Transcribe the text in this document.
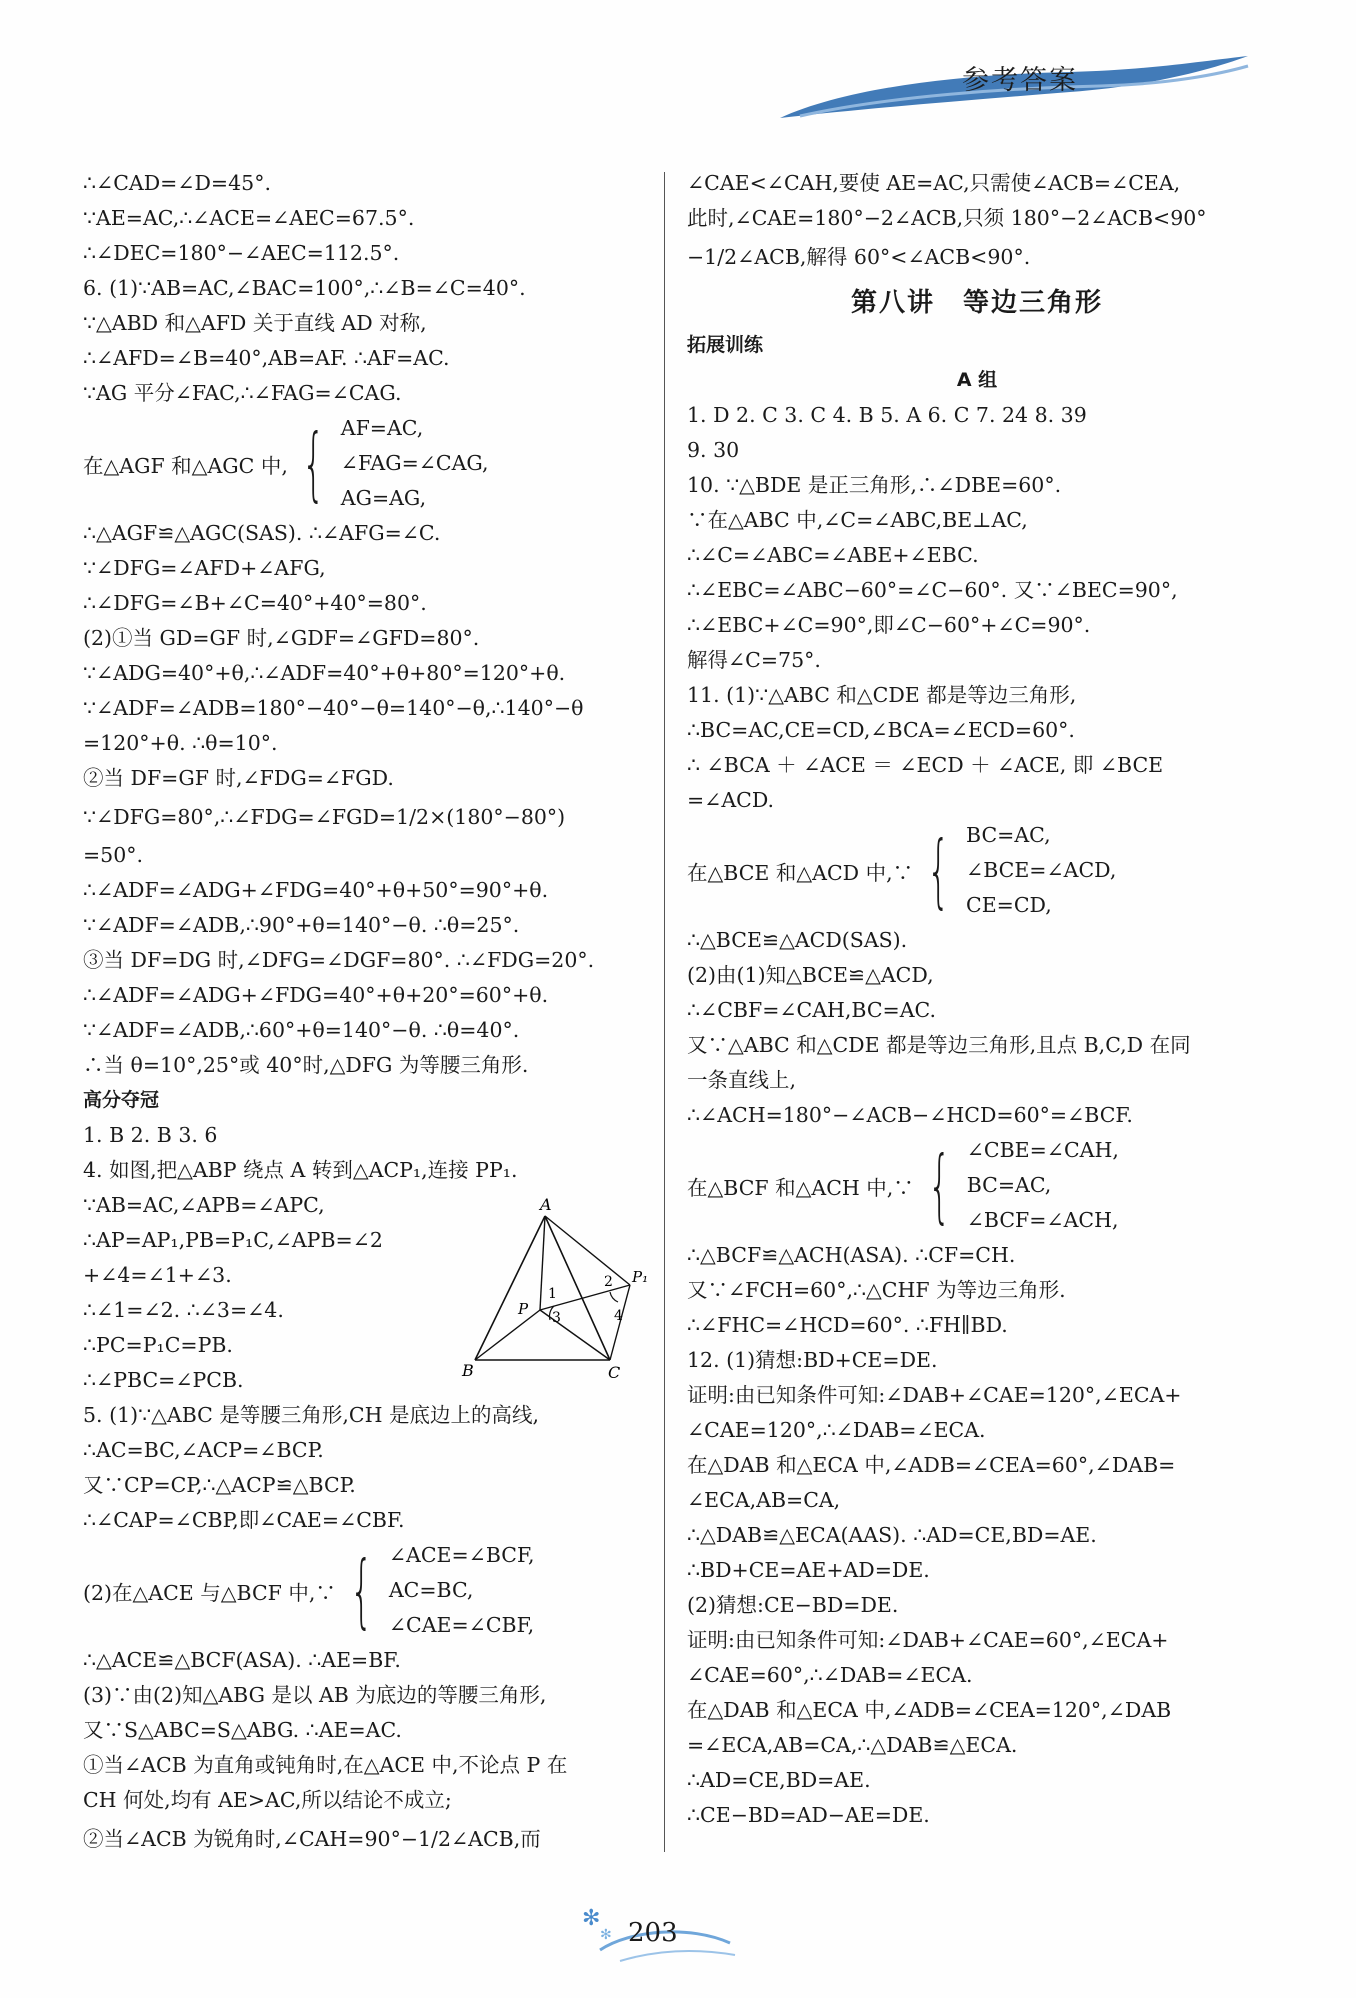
参考答案
∴∠CAD=∠D=45°.
∵AE=AC,∴∠ACE=∠AEC=67.5°.
∴∠DEC=180°−∠AEC=112.5°.
6. (1)∵AB=AC,∠BAC=100°,∴∠B=∠C=40°.
∵△ABD 和△AFD 关于直线 AD 对称,
∴∠AFD=∠B=40°,AB=AF. ∴AF=AC.
∵AG 平分∠FAC,∴∠FAG=∠CAG.
在△AGF 和△AGC 中, { AF=AC,
∠FAG=∠CAG,
AG=AG,
∴△AGF≌△AGC(SAS). ∴∠AFG=∠C.
∵∠DFG=∠AFD+∠AFG,
∴∠DFG=∠B+∠C=40°+40°=80°.
(2)①当 GD=GF 时,∠GDF=∠GFD=80°.
∵∠ADG=40°+θ,∴∠ADF=40°+θ+80°=120°+θ.
∵∠ADF=∠ADB=180°−40°−θ=140°−θ,∴140°−θ
=120°+θ. ∴θ=10°.
②当 DF=GF 时,∠FDG=∠FGD.
∵∠DFG=80°,∴∠FDG=∠FGD=1/2×(180°−80°)
=50°.
∴∠ADF=∠ADG+∠FDG=40°+θ+50°=90°+θ.
∵∠ADF=∠ADB,∴90°+θ=140°−θ. ∴θ=25°.
③当 DF=DG 时,∠DFG=∠DGF=80°. ∴∠FDG=20°.
∴∠ADF=∠ADG+∠FDG=40°+θ+20°=60°+θ.
∵∠ADF=∠ADB,∴60°+θ=140°−θ. ∴θ=40°.
∴当 θ=10°,25°或 40°时,△DFG 为等腰三角形.
高分夺冠
1. B 2. B 3. 6
4. 如图,把△ABP 绕点 A 转到△ACP₁,连接 PP₁.
∵AB=AC,∠APB=∠APC,
∴AP=AP₁,PB=P₁C,∠APB=∠2
+∠4=∠1+∠3.
∴∠1=∠2. ∴∠3=∠4.
∴PC=P₁C=PB.
∴∠PBC=∠PCB.
5. (1)∵△ABC 是等腰三角形,CH 是底边上的高线,
∴AC=BC,∠ACP=∠BCP.
又∵CP=CP,∴△ACP≌△BCP.
∴∠CAP=∠CBP,即∠CAE=∠CBF.
(2)在△ACE 与△BCF 中,∵ { ∠ACE=∠BCF,
AC=BC,
∠CAE=∠CBF,
∴△ACE≌△BCF(ASA). ∴AE=BF.
(3)∵由(2)知△ABG 是以 AB 为底边的等腰三角形,
又∵S△ABC=S△ABG. ∴AE=AC.
①当∠ACB 为直角或钝角时,在△ACE 中,不论点 P 在
CH 何处,均有 AE>AC,所以结论不成立;
②当∠ACB 为锐角时,∠CAH=90°−1/2∠ACB,而
A
B	C
P
P₁
1
2
3	4
∠CAE<∠CAH,要使 AE=AC,只需使∠ACB=∠CEA,
此时,∠CAE=180°−2∠ACB,只须 180°−2∠ACB<90°
−1/2∠ACB,解得 60°<∠ACB<90°.
第八讲　等边三角形
拓展训练
A 组
1. D 2. C 3. C 4. B 5. A 6. C 7. 24 8. 39
9. 30
10. ∵△BDE 是正三角形,∴∠DBE=60°.
∵在△ABC 中,∠C=∠ABC,BE⊥AC,
∴∠C=∠ABC=∠ABE+∠EBC.
∴∠EBC=∠ABC−60°=∠C−60°. 又∵∠BEC=90°,
∴∠EBC+∠C=90°,即∠C−60°+∠C=90°.
解得∠C=75°.
11. (1)∵△ABC 和△CDE 都是等边三角形,
∴BC=AC,CE=CD,∠BCA=∠ECD=60°.
∴ ∠BCA ＋ ∠ACE ＝ ∠ECD ＋ ∠ACE, 即 ∠BCE
=∠ACD.
在△BCE 和△ACD 中,∵ { BC=AC,
∠BCE=∠ACD,
CE=CD,
∴△BCE≌△ACD(SAS).
(2)由(1)知△BCE≌△ACD,
∴∠CBF=∠CAH,BC=AC.
又∵△ABC 和△CDE 都是等边三角形,且点 B,C,D 在同
一条直线上,
∴∠ACH=180°−∠ACB−∠HCD=60°=∠BCF.
在△BCF 和△ACH 中,∵ { ∠CBE=∠CAH,
BC=AC,
∠BCF=∠ACH,
∴△BCF≌△ACH(ASA). ∴CF=CH.
又∵∠FCH=60°,∴△CHF 为等边三角形.
∴∠FHC=∠HCD=60°. ∴FH∥BD.
12. (1)猜想:BD+CE=DE.
证明:由已知条件可知:∠DAB+∠CAE=120°,∠ECA+
∠CAE=120°,∴∠DAB=∠ECA.
在△DAB 和△ECA 中,∠ADB=∠CEA=60°,∠DAB=
∠ECA,AB=CA,
∴△DAB≌△ECA(AAS). ∴AD=CE,BD=AE.
∴BD+CE=AE+AD=DE.
(2)猜想:CE−BD=DE.
证明:由已知条件可知:∠DAB+∠CAE=60°,∠ECA+
∠CAE=60°,∴∠DAB=∠ECA.
在△DAB 和△ECA 中,∠ADB=∠CEA=120°,∠DAB
=∠ECA,AB=CA,∴△DAB≌△ECA.
∴AD=CE,BD=AE.
∴CE−BD=AD−AE=DE.
✻
✻ 203
